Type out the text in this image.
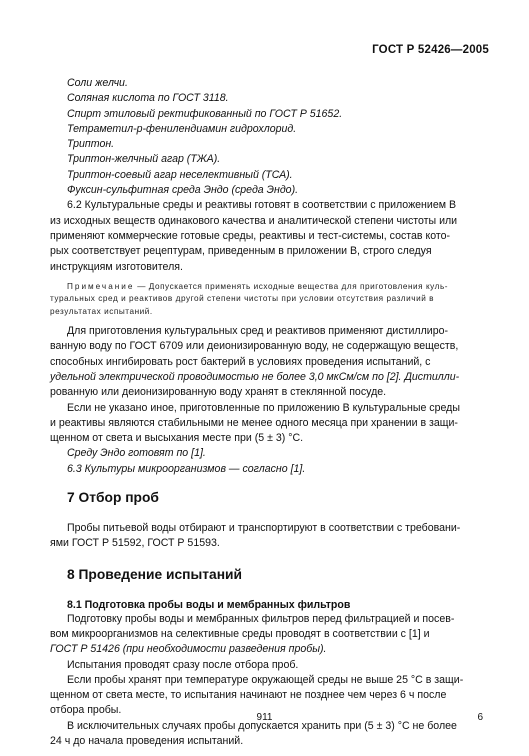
ГОСТ Р 52426—2005

Соли желчи.

Соляная кислота по ГОСТ 3118.

Спирт этиловый ректификованный по ГОСТ Р 51652.

Тетраметил-р-фенилендиамин гидрохлорид.

Триптон.

Триптон-желчный агар (ТЖА).

Триптон-соевый агар неселективный (ТСА).

Фуксин-сульфитная среда Эндо (среда Эндо).

6.2 Культуральные среды и реактивы готовят в соответствии с приложением В

из исходных веществ одинакового качества и аналитической степени чистоты или

применяют коммерческие готовые среды, реактивы и тест-системы, состав кото-

рых соответствует рецептурам, приведенным в приложении В, строго следуя

инструкциям изготовителя.

Примечание — Допускается применять исходные вещества для приготовления куль-

туральных сред и реактивов другой степени чистоты при условии отсутствия различий в

результатах испытаний.

Для приготовления культуральных сред и реактивов применяют дистиллиро-

ванную воду по ГОСТ 6709 или деионизированную воду, не содержащую веществ,

способных ингибировать рост бактерий в условиях проведения испытаний, с

удельной электрической проводимостью не более 3,0 мкСм/см по [2]. Дистилли-

рованную или деионизированную воду хранят в стеклянной посуде.

Если не указано иное, приготовленные по приложению В культуральные среды

и реактивы являются стабильными не менее одного месяца при хранении в защи-

щенном от света и высыхания месте при (5 ± 3) °С.

Среду Эндо готовят по [1].

6.3 Культуры микроорганизмов — согласно [1].

7 Отбор проб

Пробы питьевой воды отбирают и транспортируют в соответствии с требовани-

ями ГОСТ Р 51592, ГОСТ Р 51593.

8 Проведение испытаний
8.1 Подготовка пробы воды и мембранных фильтров

Подготовку пробы воды и мембранных фильтров перед фильтрацией и посев-

вом микроорганизмов на селективные среды проводят в соответствии с [1] и

ГОСТ Р 51426 (при необходимости разведения пробы).

Испытания проводят сразу после отбора проб.

Если пробы хранят при температуре окружающей среды не выше 25 °С в защи-

щенном от света месте, то испытания начинают не позднее чем через 6 ч после

отбора пробы.

В исключительных случаях пробы допускается хранить при (5 ± 3) °С не более

24 ч до начала проведения испытаний.

911	6
